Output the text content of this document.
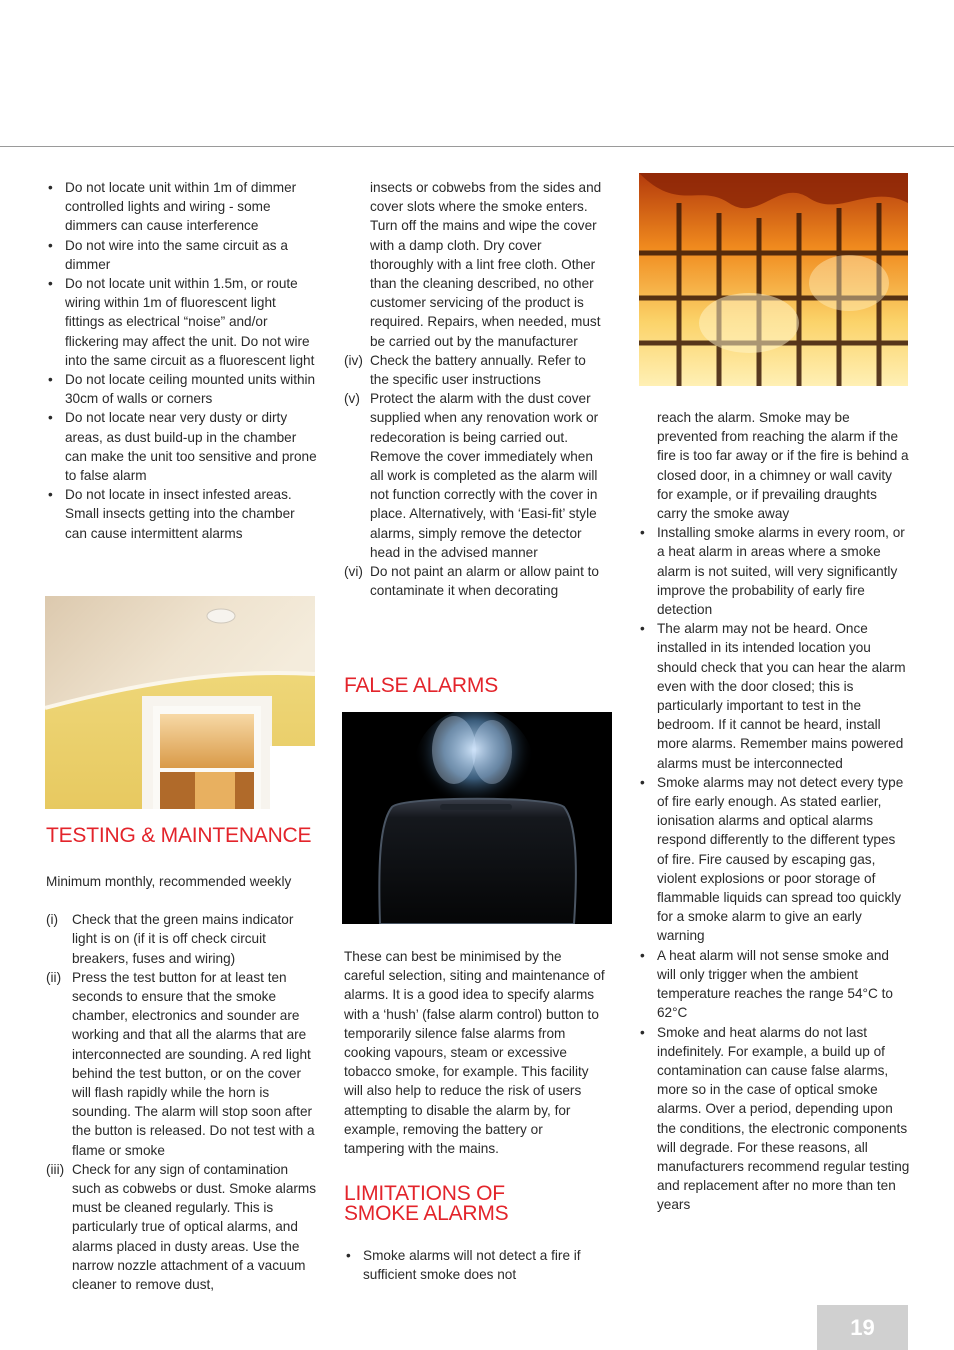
• Do not locate unit within 1m of dimmer controlled lights and wiring - some dimmers can cause interference
• Do not wire into the same circuit as a dimmer
• Do not locate unit within 1.5m, or route wiring within 1m of fluorescent light fittings as electrical “noise” and/or flickering may affect the unit. Do not wire into the same circuit as a fluorescent light
• Do not locate ceiling mounted units within 30cm of walls or corners
• Do not locate near very dusty or dirty areas, as dust build-up in the chamber can make the unit too sensitive and prone to false alarm
• Do not locate in insect infested areas. Small insects getting into the chamber can cause intermittent alarms
TESTING & MAINTENANCE

Minimum monthly, recommended weekly

(i)	Check that the green mains indicator light is on (if it is off check circuit breakers, fuses and wiring)
(ii) Press the test button for at least ten seconds to ensure that the smoke chamber, electronics and sounder are working and that all the alarms that are interconnected are sounding. A red light behind the test button, or on the cover will flash rapidly while the horn is sounding. The alarm will stop soon after the button is released. Do not test with a flame or smoke
(iii) Check for any sign of contamination such as cobwebs or dust. Smoke alarms must be cleaned regularly. This is particularly true of optical alarms, and alarms placed in dusty areas. Use the narrow nozzle attachment of a vacuum cleaner to remove dust,

insects or cobwebs from the sides and cover slots where the smoke enters. Turn off the mains and wipe the cover with a damp cloth. Dry cover thoroughly with a lint free cloth. Other than the cleaning described, no other customer servicing of the product is required. Repairs, when needed, must be carried out by the manufacturer

(iv) Check the battery annually. Refer to the specific user instructions
(v) Protect the alarm with the dust cover supplied when any renovation work or redecoration is being carried out. Remove the cover immediately when all work is completed as the alarm will not function correctly with the cover in place. Alternatively, with ‘Easi-fit’ style alarms, simply remove the detector head in the advised manner
(vi) Do not paint an alarm or allow paint to contaminate it when decorating
FALSE ALARMS

These can best be minimised by the careful selection, siting and maintenance of alarms. It is a good idea to specify alarms with a ‘hush’ (false alarm control) button to temporarily silence false alarms from cooking vapours, steam or excessive tobacco smoke, for example. This facility will also help to reduce the risk of users attempting to disable the alarm by, for example, removing the battery or tampering with the mains.

LIMITATIONS OF SMOKE ALARMS
• Smoke alarms will not detect a fire if sufficient smoke does not

reach the alarm. Smoke may be prevented from reaching the alarm if the fire is too far away or if the fire is behind a closed door, in a chimney or wall cavity for example, or if prevailing draughts carry the smoke away

• Installing smoke alarms in every room, or a heat alarm in areas where a smoke alarm is not suited, will very significantly improve the probability of early fire detection
• The alarm may not be heard. Once installed in its intended location you should check that you can hear the alarm even with the door closed; this is particularly important to test in the bedroom. If it cannot be heard, install more alarms. Remember mains powered alarms must be interconnected
• Smoke alarms may not detect every type of fire early enough. As stated earlier, ionisation alarms and optical alarms respond differently to the different types of fire. Fire caused by escaping gas, violent explosions or poor storage of flammable liquids can spread too quickly for a smoke alarm to give an early warning
• A heat alarm will not sense smoke and will only trigger when the ambient temperature reaches the range 54°C to 62°C
• Smoke and heat alarms do not last indefinitely. For example, a build up of contamination can cause false alarms, more so in the case of optical smoke alarms. Over a period, depending upon the conditions, the electronic components will degrade. For these reasons, all manufacturers recommend regular testing and replacement after no more than ten years
19
